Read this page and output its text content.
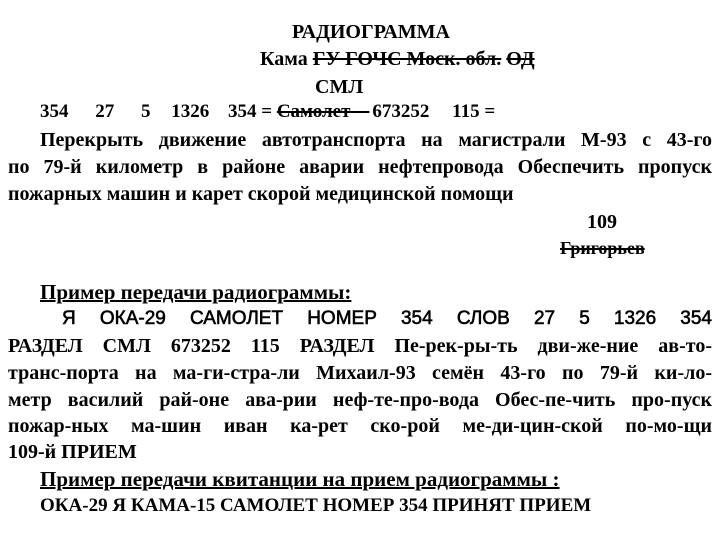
РАДИОГРАММА
Кама ГУ ГОЧС Моск. обл. ОД
СМЛ
354 27 5 1326 354 = Самолет 673252 115 =
Перекрыть движение автотранспорта на магистрали М-93 с 43-го
по 79-й километр в районе аварии нефтепровода Обеспечить пропуск
пожарных машин и карет скорой медицинской помощи
109
Григорьев
Пример передачи радиограммы:
Я ОКА-29 САМОЛЕТ НОМЕР 354 СЛОВ 27 5 1326 354
РАЗДЕЛ СМЛ 673252 115 РАЗДЕЛ Пе-рек-ры-ть дви-же-ние ав-то-
транс-порта на ма-ги-стра-ли Михаил-93 семён 43-го по 79-й ки-ло-
метр василий рай-оне ава-рии неф-те-про-вода Обес-пе-чить про-пуск
пожар-ных ма-шин иван ка-рет ско-рой ме-ди-цин-ской по-мо-щи
109-й ПРИЕМ
Пример передачи квитанции на прием радиограммы :
ОКА-29 Я КАМА-15 САМОЛЕТ НОМЕР 354 ПРИНЯТ ПРИЕМ
